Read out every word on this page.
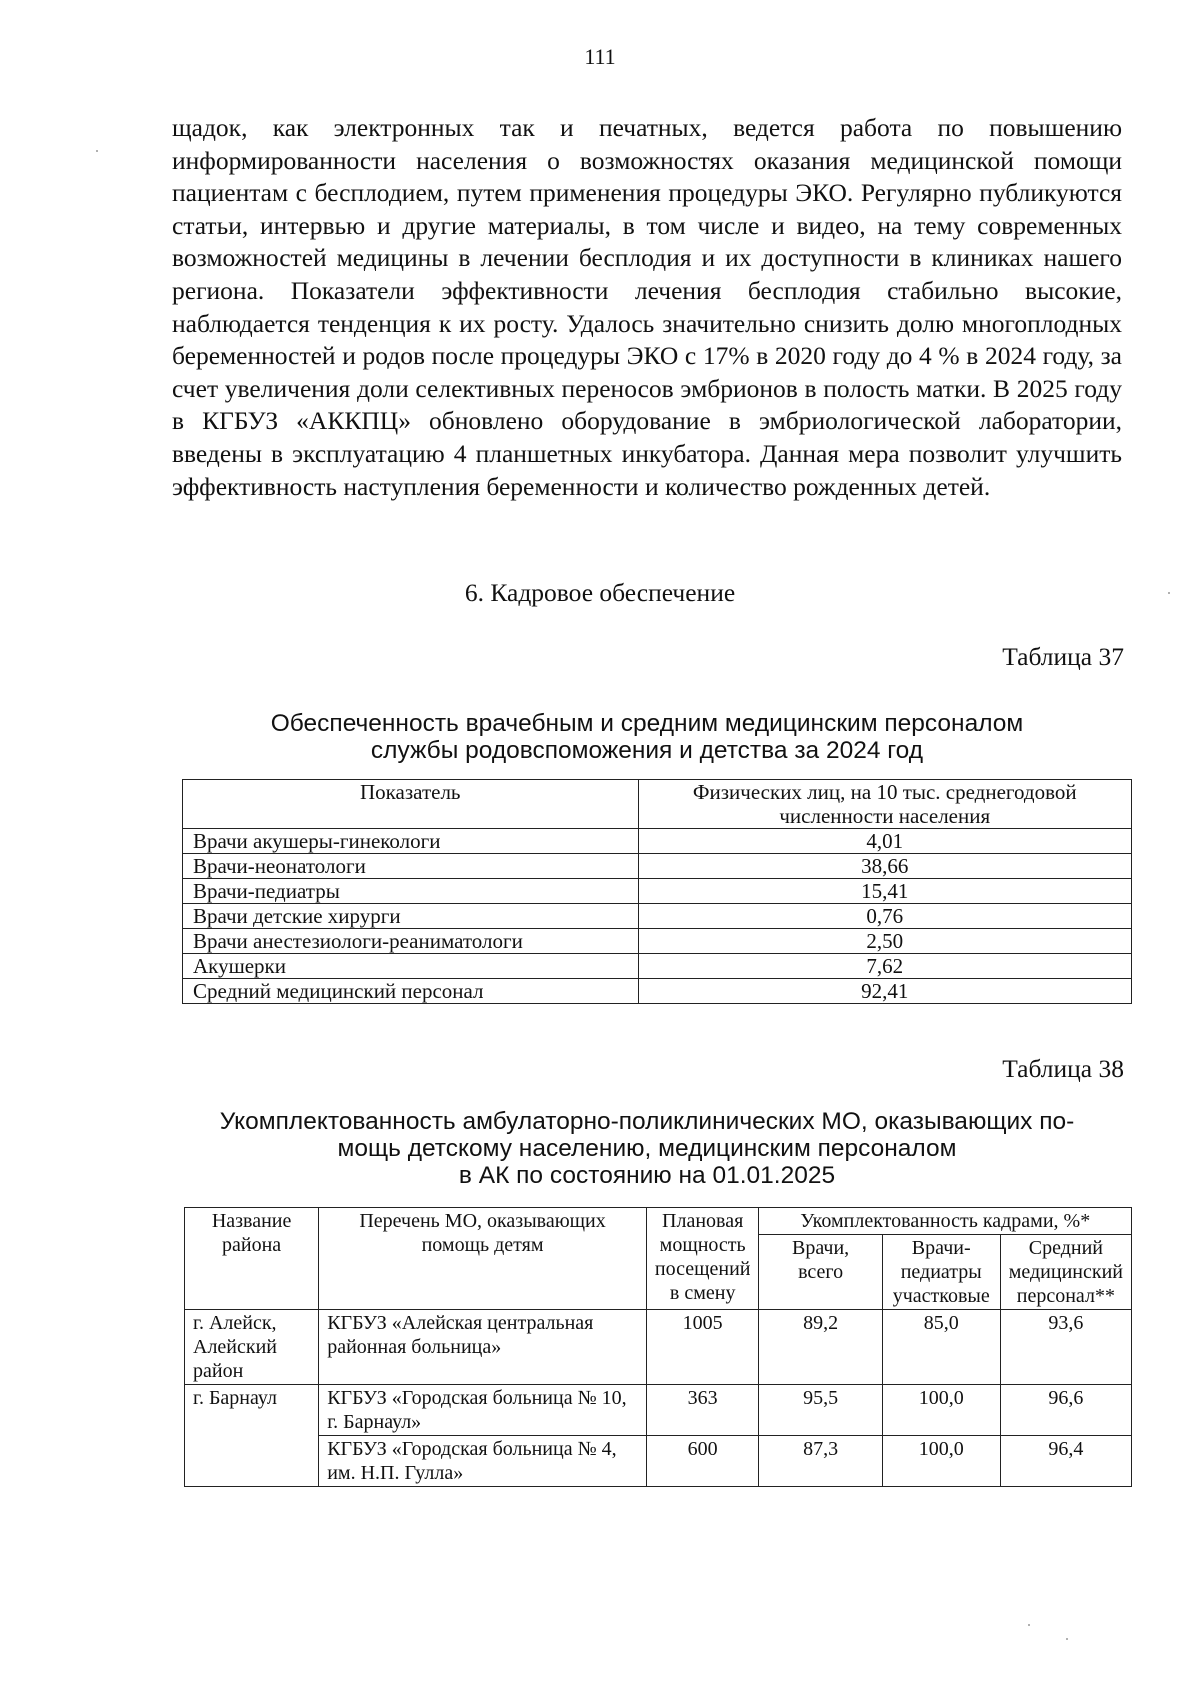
111

щадок, как электронных так и печатных, ведется работа по повышению информированности населения о возможностях оказания медицинской помощи пациентам с бесплодием, путем применения процедуры ЭКО. Регулярно публикуются статьи, интервью и другие материалы, в том числе и видео, на тему современных возможностей медицины в лечении бесплодия и их доступности в клиниках нашего региона. Показатели эффективности лечения бесплодия стабильно высокие, наблюдается тенденция к их росту. Удалось значительно снизить долю многоплодных беременностей и родов после процедуры ЭКО с 17% в 2020 году до 4 % в 2024 году, за счет увеличения доли селективных переносов эмбрионов в полость матки. В 2025 году в КГБУЗ «АККПЦ» обновлено оборудование в эмбриологической лаборатории, введены в эксплуатацию 4 планшетных инкубатора. Данная мера позволит улучшить эффективность наступления беременности и количество рожденных детей.

6. Кадровое обеспечение

Таблица 37

Обеспеченность врачебным и средним медицинским персоналом
службы родовспоможения и детства за 2024 год
Показатель	Физических лиц, на 10 тыс. среднегодовой численности населения
Врачи акушеры-гинекологи	4,01
Врачи-неонатологи	38,66
Врачи-педиатры	15,41
Врачи детские хирурги	0,76
Врачи анестезиологи-реаниматологи	2,50
Акушерки	7,62
Средний медицинский персонал	92,41

Таблица 38

Укомплектованность амбулаторно-поликлинических МО, оказывающих по-
мощь детскому населению, медицинским персоналом
в АК по состоянию на 01.01.2025
Название района	Перечень МО, оказывающих помощь детям	Плановая мощность посещений в смену	Укомплектованность кадрами, %*		
			Врачи, всего	Врачи-педиатры участковые	Средний медицинский персонал**
г. Алейск, Алейский район	КГБУЗ «Алейская центральная районная больница»	1005	89,2	85,0	93,6
г. Барнаул	КГБУЗ «Городская больница № 10, г. Барнаул»	363	95,5	100,0	96,6
	КГБУЗ «Городская больница № 4, им. Н.П. Гулла»	600	87,3	100,0	96,4
